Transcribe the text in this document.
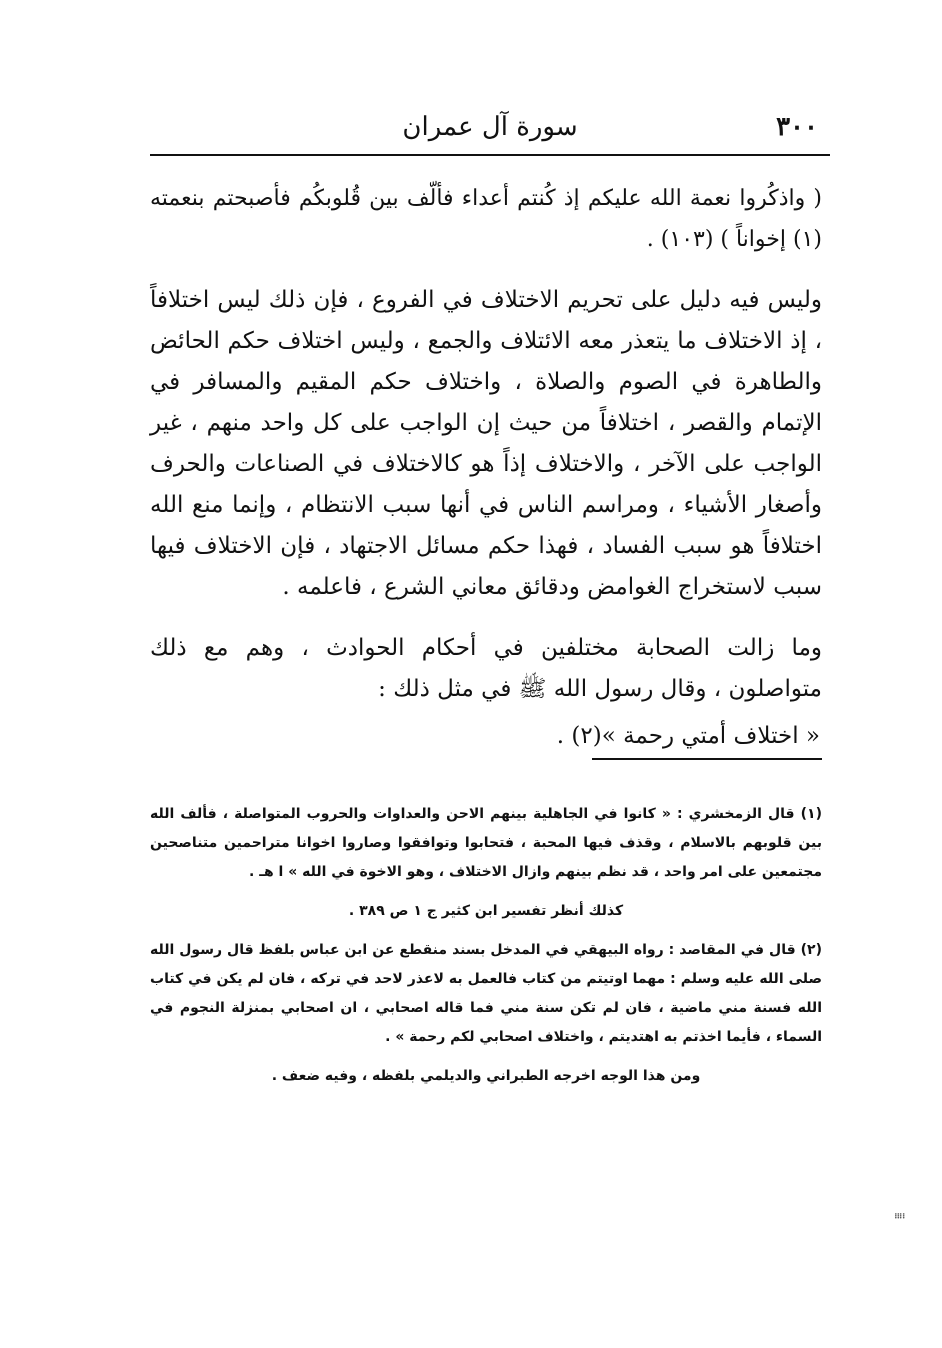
٣٠٠
سورة آل عمران

( واذكُروا نعمة الله عليكم إذ كُنتم أعداء فألّف بين قُلوبكُم فأصبحتم بنعمته (١) إخواناً ) (١٠٣) .

وليس فيه دليل على تحريم الاختلاف في الفروع ، فإن ذلك ليس اختلافاً ، إذ الاختلاف ما يتعذر معه الائتلاف والجمع ، وليس اختلاف حكم الحائض والطاهرة في الصوم والصلاة ، واختلاف حكم المقيم والمسافر في الإتمام والقصر ، اختلافاً من حيث إن الواجب على كل واحد منهم ، غير الواجب على الآخر ، والاختلاف إذاً هو كالاختلاف في الصناعات والحرف وأصغار الأشياء ، ومراسم الناس في أنها سبب الانتظام ، وإنما منع الله اختلافاً هو سبب الفساد ، فهذا حكم مسائل الاجتهاد ، فإن الاختلاف فيها سبب لاستخراج الغوامض ودقائق معاني الشرع ، فاعلمه .

وما زالت الصحابة مختلفين في أحكام الحوادث ، وهم مع ذلك متواصلون ، وقال رسول الله ﷺ في مثل ذلك :

« اختلاف أمتي رحمة »(٢) .

(١) قال الزمخشري : « كانوا في الجاهلية بينهم الاحن والعداوات والحروب المتواصلة ، فألف الله بين قلوبهم بالاسلام ، وقذف فيها المحبة ، فتحابوا وتوافقوا وصاروا اخوانا متراحمين متناصحين مجتمعين على امر واحد ، قد نظم بينهم وازال الاختلاف ، وهو الاخوة في الله » ا هـ .

كذلك أنظر تفسير ابن كثير ج ١ ص ٣٨٩ .

(٢) قال في المقاصد : رواه البيهقي في المدخل بسند منقطع عن ابن عباس بلفظ قال رسول الله صلى الله عليه وسلم : مهما اوتيتم من كتاب فالعمل به لاعذر لاحد في تركه ، فان لم يكن في كتاب الله فسنة مني ماضية ، فان لم تكن سنة مني فما قاله اصحابي ، ان اصحابي بمنزلة النجوم في السماء ، فأيما اخذتم به اهتديتم ، واختلاف اصحابي لكم رحمة » .

ومن هذا الوجه اخرجه الطبراني والديلمي بلفظه ، وفيه ضعف .

⁞⁞⁞
